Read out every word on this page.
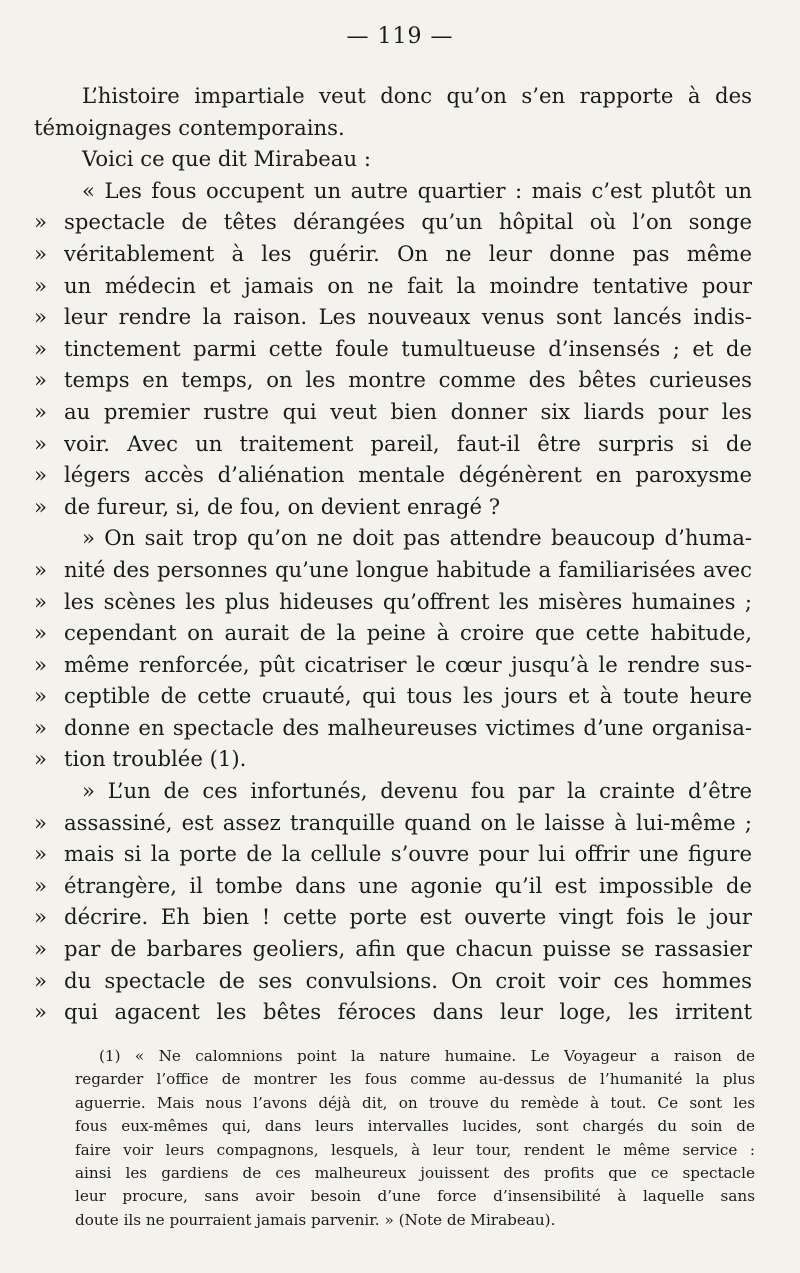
— 119 —
L’histoire impartiale veut donc qu’on s’en rapporte à des
témoignages contemporains.
Voici ce que dit Mirabeau :
« Les fous occupent un autre quartier : mais c’est plutôt un
» spectacle de têtes dérangées qu’un hôpital où l’on songe
» véritablement à les guérir. On ne leur donne pas même
» un médecin et jamais on ne fait la moindre tentative pour
» leur rendre la raison. Les nouveaux venus sont lancés indis-
» tinctement parmi cette foule tumultueuse d’insensés ; et de
» temps en temps, on les montre comme des bêtes curieuses
» au premier rustre qui veut bien donner six liards pour les
» voir. Avec un traitement pareil, faut-il être surpris si de
» légers accès d’aliénation mentale dégénèrent en paroxysme
» de fureur, si, de fou, on devient enragé ?
» On sait trop qu’on ne doit pas attendre beaucoup d’huma-
» nité des personnes qu’une longue habitude a familiarisées avec
» les scènes les plus hideuses qu’offrent les misères humaines ;
» cependant on aurait de la peine à croire que cette habitude,
» même renforcée, pût cicatriser le cœur jusqu’à le rendre sus-
» ceptible de cette cruauté, qui tous les jours et à toute heure
» donne en spectacle des malheureuses victimes d’une organisa-
» tion troublée (1).
» L’un de ces infortunés, devenu fou par la crainte d’être
» assassiné, est assez tranquille quand on le laisse à lui-même ;
» mais si la porte de la cellule s’ouvre pour lui offrir une figure
» étrangère, il tombe dans une agonie qu’il est impossible de
» décrire. Eh bien ! cette porte est ouverte vingt fois le jour
» par de barbares geoliers, afin que chacun puisse se rassasier
» du spectacle de ses convulsions. On croit voir ces hommes
» qui agacent les bêtes féroces dans leur loge, les irritent
(1) « Ne calomnions point la nature humaine. Le Voyageur a raison de
regarder l’office de montrer les fous comme au-dessus de l’humanité la plus
aguerrie. Mais nous l’avons déjà dit, on trouve du remède à tout. Ce sont les
fous eux-mêmes qui, dans leurs intervalles lucides, sont chargés du soin de
faire voir leurs compagnons, lesquels, à leur tour, rendent le même service :
ainsi les gardiens de ces malheureux jouissent des profits que ce spectacle
leur procure, sans avoir besoin d’une force d’insensibilité à laquelle sans
doute ils ne pourraient jamais parvenir. » (Note de Mirabeau).
